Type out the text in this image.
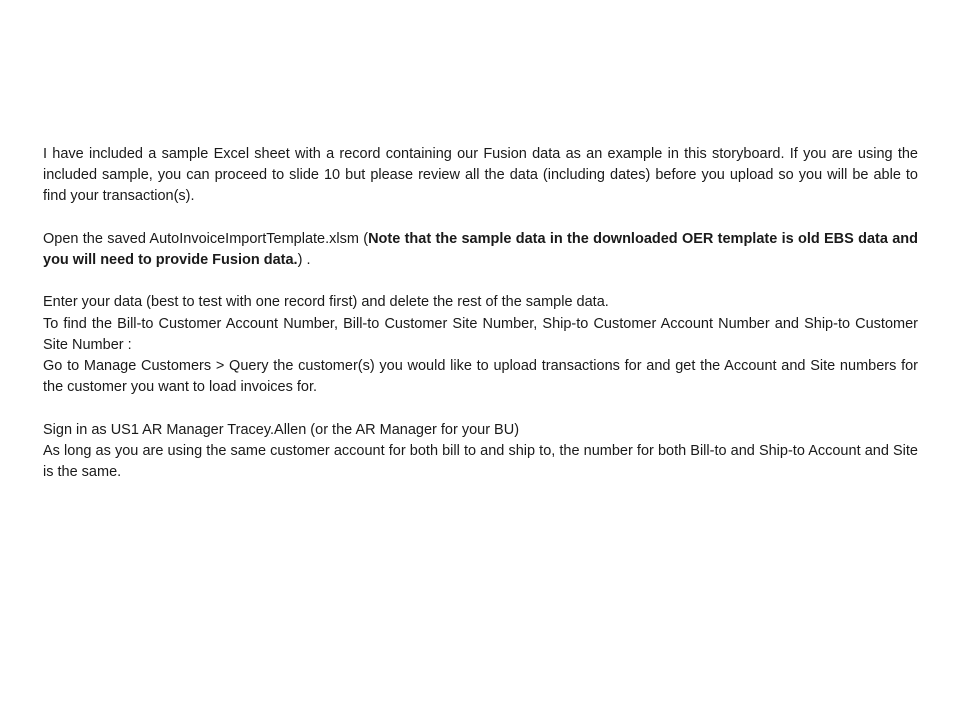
I have included a sample Excel sheet with a record containing our Fusion data as an example in this storyboard. If you are using the included sample, you can proceed to slide 10 but please review all the data (including dates) before you upload so you will be able to find your transaction(s).

Open the saved AutoInvoiceImportTemplate.xlsm (Note that the sample data in the downloaded OER template is old EBS data and you will need to provide Fusion data.) .

Enter your data (best to test with one record first) and delete the rest of the sample data.

To find the Bill-to Customer Account Number, Bill-to Customer Site Number, Ship-to Customer Account Number and Ship-to Customer Site Number :

Go to Manage Customers > Query the customer(s) you would like to upload transactions for and get the Account and Site numbers for the customer you want to load invoices for.

Sign in as US1 AR Manager Tracey.Allen (or the AR Manager for your BU)

As long as you are using the same customer account for both bill to and ship to, the number for both Bill-to and Ship-to Account and Site is the same.
